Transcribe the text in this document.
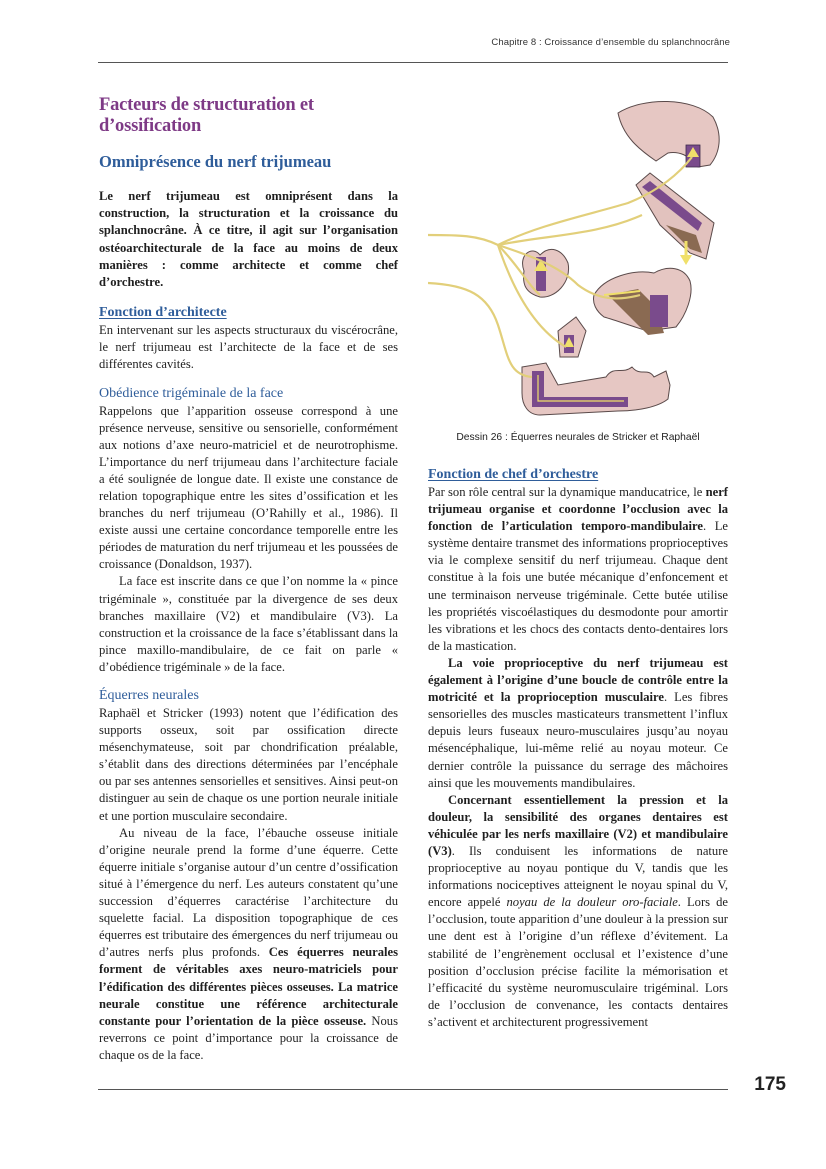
Chapitre 8 : Croissance d’ensemble du splanchnocrâne
Facteurs de structuration et d’ossification
Omniprésence du nerf trijumeau

Le nerf trijumeau est omniprésent dans la construction, la structuration et la croissance du splanchnocrâne. À ce titre, il agit sur l’organisation ostéoarchitecturale de la face au moins de deux manières : comme architecte et comme chef d’orchestre.

Fonction d’architecte

En intervenant sur les aspects structuraux du viscérocrâne, le nerf trijumeau est l’architecte de la face et de ses différentes cavités.

Obédience trigéminale de la face

Rappelons que l’apparition osseuse correspond à une présence nerveuse, sensitive ou sensorielle, conformément aux notions d’axe neuro-matriciel et de neurotrophisme. L’importance du nerf trijumeau dans l’architecture faciale a été soulignée de longue date. Il existe une constance de relation topographique entre les sites d’ossification et les branches du nerf trijumeau (O’Rahilly et al., 1986). Il existe aussi une certaine concordance temporelle entre les périodes de maturation du nerf trijumeau et les poussées de croissance (Donaldson, 1937).

La face est inscrite dans ce que l’on nomme la « pince trigéminale », constituée par la divergence de ses deux branches maxillaire (V2) et mandibulaire (V3). La construction et la croissance de la face s’établissant dans la pince maxillo-mandibulaire, de ce fait on parle « d’obédience trigéminale » de la face.

Équerres neurales

Raphaël et Stricker (1993) notent que l’édification des supports osseux, soit par ossification directe mésenchymateuse, soit par chondrification préalable, s’établit dans des directions déterminées par l’encéphale ou par ses antennes sensorielles et sensitives. Ainsi peut-on distinguer au sein de chaque os une portion neurale initiale et une portion musculaire secondaire.

Au niveau de la face, l’ébauche osseuse initiale d’origine neurale prend la forme d’une équerre. Cette équerre initiale s’organise autour d’un centre d’ossification situé à l’émergence du nerf. Les auteurs constatent qu’une succession d’équerres caractérise l’architecture du squelette facial. La disposition topographique de ces équerres est tributaire des émergences du nerf trijumeau ou d’autres nerfs plus profonds. Ces équerres neurales forment de véritables axes neuro-matriciels pour l’édification des différentes pièces osseuses. La matrice neurale constitue une référence architecturale constante pour l’orientation de la pièce osseuse. Nous reverrons ce point d’importance pour la croissance de chaque os de la face.

Dessin 26 : Équerres neurales de Stricker et Raphaël
Fonction de chef d’orchestre

Par son rôle central sur la dynamique manducatrice, le nerf trijumeau organise et coordonne l’occlusion avec la fonction de l’articulation temporo-mandibulaire. Le système dentaire transmet des informations proprioceptives via le complexe sensitif du nerf trijumeau. Chaque dent constitue à la fois une butée mécanique d’enfoncement et une terminaison nerveuse trigéminale. Cette butée utilise les propriétés viscoélastiques du desmodonte pour amortir les vibrations et les chocs des contacts dento-dentaires lors de la mastication.

La voie proprioceptive du nerf trijumeau est également à l’origine d’une boucle de contrôle entre la motricité et la proprioception musculaire. Les fibres sensorielles des muscles masticateurs transmettent l’influx depuis leurs fuseaux neuro-musculaires jusqu’au noyau mésencéphalique, lui-même relié au noyau moteur. Ce dernier contrôle la puissance du serrage des mâchoires ainsi que les mouvements mandibulaires.

Concernant essentiellement la pression et la douleur, la sensibilité des organes dentaires est véhiculée par les nerfs maxillaire (V2) et mandibulaire (V3). Ils conduisent les informations de nature proprioceptive au noyau pontique du V, tandis que les informations nociceptives atteignent le noyau spinal du V, encore appelé noyau de la douleur oro-faciale. Lors de l’occlusion, toute apparition d’une douleur à la pression sur une dent est à l’origine d’un réflexe d’évitement. La stabilité de l’engrènement occlusal et l’existence d’une position d’occlusion précise facilite la mémorisation et l’efficacité du système neuromusculaire trigéminal. Lors de l’occlusion de convenance, les contacts dentaires s’activent et architecturent progressivement

175
